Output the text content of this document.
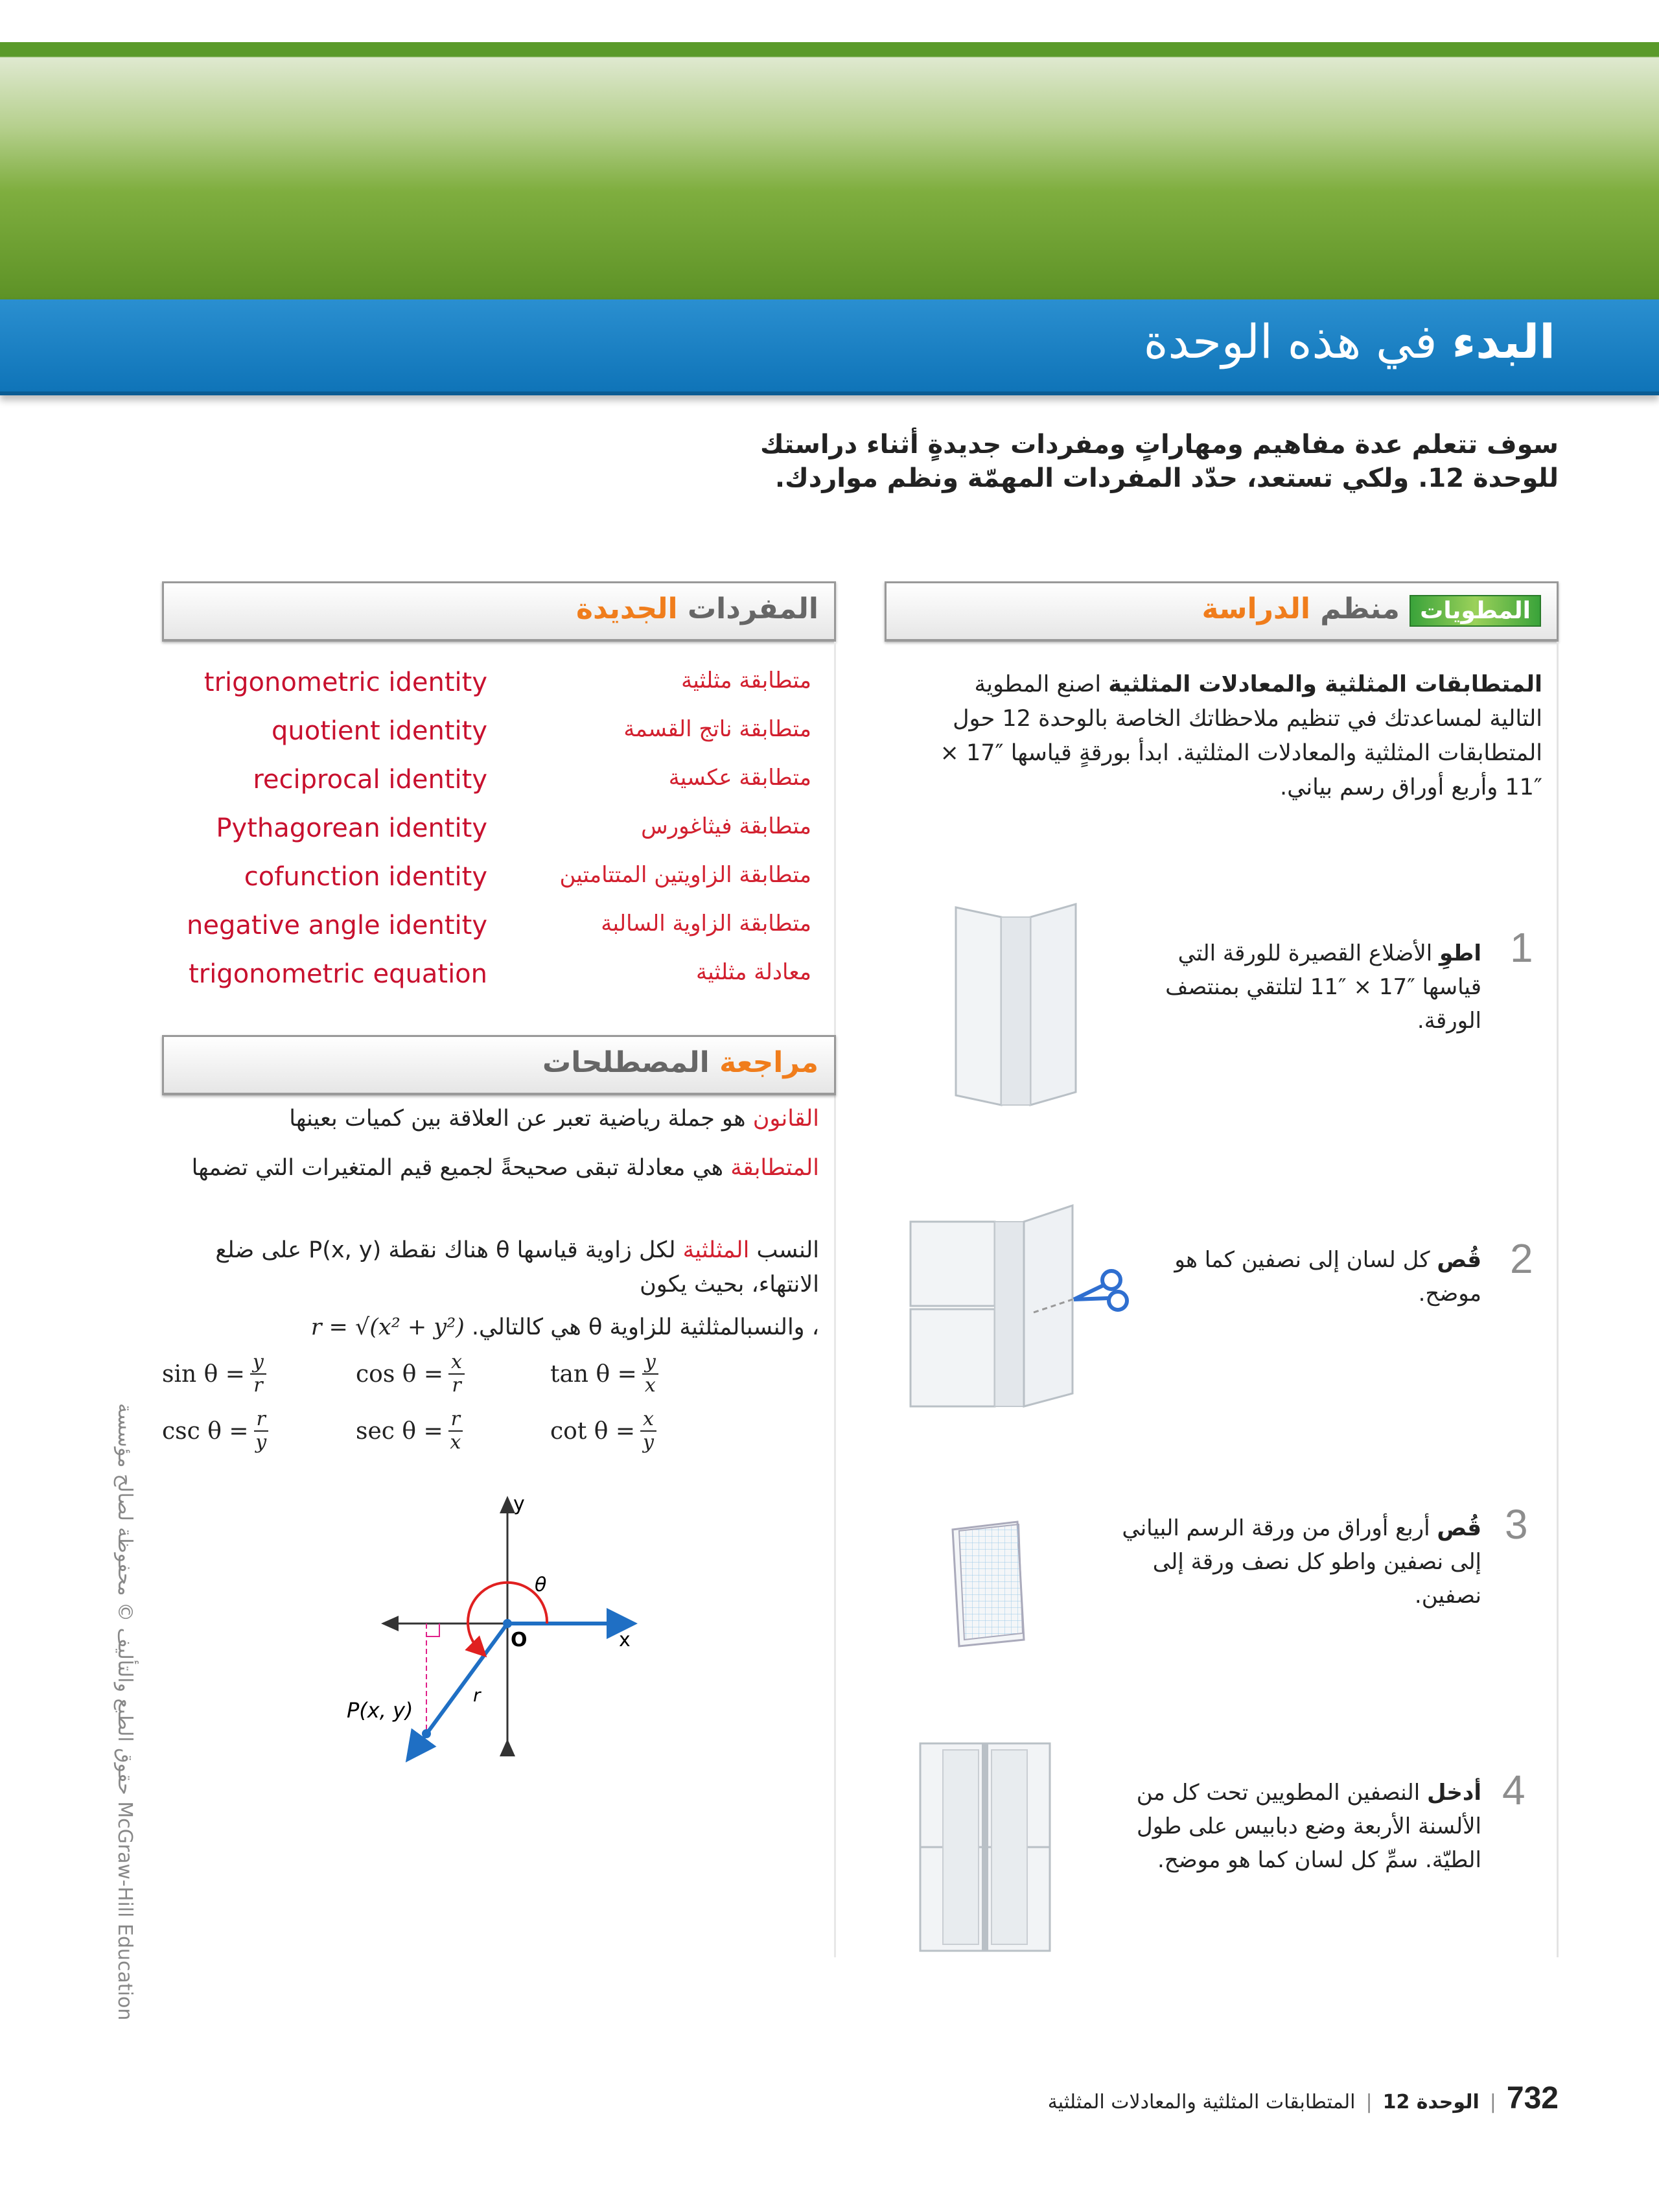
البدء في هذه الوحدة
سوف تتعلم عدة مفاهيم ومهاراتٍ ومفردات جديدةٍ أثناء دراستك للوحدة 12. ولكي تستعد، حدّد المفردات المهمّة ونظم مواردك.
المطويات منظم الدراسة
المتطابقات المثلثية والمعادلات المثلثية اصنع المطوية التالية لمساعدتك في تنظيم ملاحظاتك الخاصة بالوحدة 12 حول المتطابقات المثلثية والمعادلات المثلثية. ابدأ بورقةٍ قياسها ″17 × ″11 وأربع أوراق رسم بياني.
1
اطوِ الأضلاع القصيرة للورقة التي قياسها ″17 × ″11 لتلتقي بمنتصف الورقة.
2
قُص كل لسان إلى نصفين كما هو موضح.
3
قُص أربع أوراق من ورقة الرسم البياني إلى نصفين واطو كل نصف ورقة إلى نصفين.
4
أدخل النصفين المطويين تحت كل من الألسنة الأربعة وضع دبابيس على طول الطيّة. سمِّ كل لسان كما هو موضح.
المفردات الجديدة
متطابقة مثلثية
trigonometric identity
متطابقة ناتج القسمة
quotient identity
متطابقة عكسية
reciprocal identity
متطابقة فيثاغورس
Pythagorean identity
متطابقة الزاويتين المتتامتين
cofunction identity
متطابقة الزاوية السالبة
negative angle identity
معادلة مثلثية
trigonometric equation
مراجعة المصطلحات
القانون هو جملة رياضية تعبر عن العلاقة بين كميات بعينها
المتطابقة هي معادلة تبقى صحيحةً لجميع قيم المتغيرات التي تضمها
النسب المثلثية لكل زاوية قياسها θ هناك نقطة P(x, y) على ضلع الانتهاء، بحيث يكون
، والنسبالمثلثية للزاوية θ هي كالتالي. r = √(x² + y²)
$\sin \theta = \frac{y}{r}$	$\cos \theta = \frac{x}{r}$	$\tan \theta = \frac{y}{x}$
$\csc \theta = \frac{r}{y}$	$\sec \theta = \frac{r}{x}$	$\cot \theta = \frac{x}{y}$
y
x
O
θ
r
P(x, y)
حقوق الطبع والتأليف © محفوظة لصالح مؤسسة McGraw-Hill Education
732
|
الوحدة 12
|
المتطابقات المثلثية والمعادلات المثلثية
